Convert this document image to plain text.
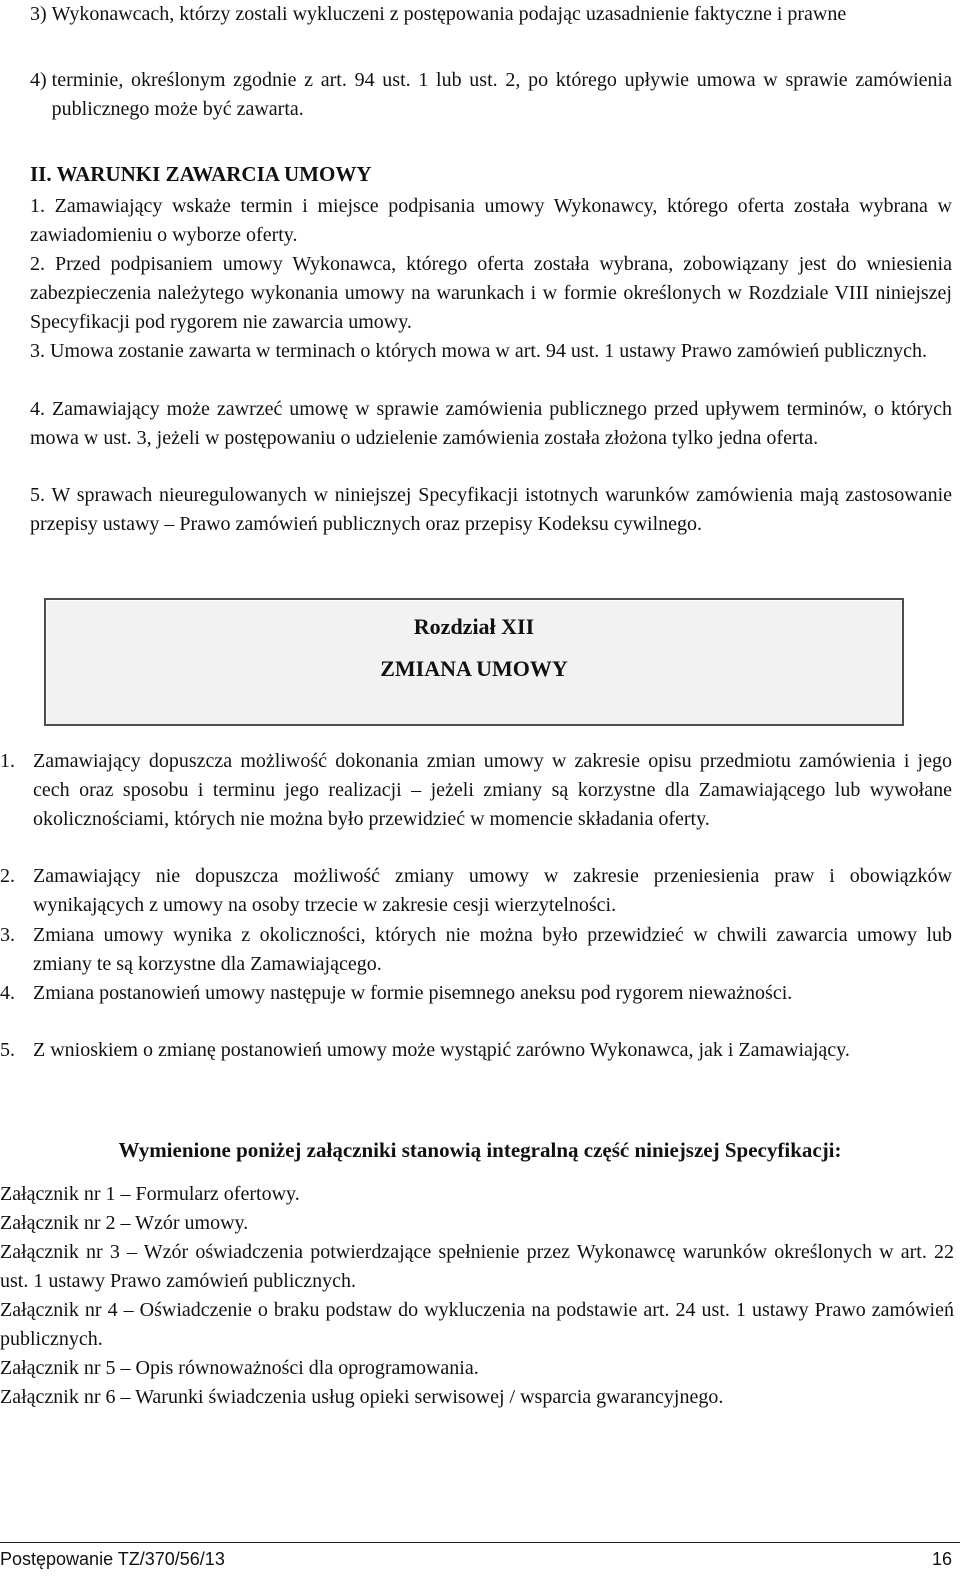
3)
Wykonawcach, którzy zostali wykluczeni z postępowania podając uzasadnienie faktyczne i prawne
4)
terminie, określonym zgodnie z art. 94 ust. 1 lub ust. 2, po którego upływie umowa w sprawie zamówienia publicznego może być zawarta.
II. WARUNKI ZAWARCIA UMOWY
1. Zamawiający wskaże termin i miejsce podpisania umowy Wykonawcy, którego oferta została wybrana w zawiadomieniu o wyborze oferty.
2. Przed podpisaniem umowy Wykonawca, którego oferta została wybrana, zobowiązany jest do wniesienia zabezpieczenia należytego wykonania umowy na warunkach i w formie określonych w Rozdziale VIII niniejszej Specyfikacji pod rygorem nie zawarcia umowy.
3. Umowa zostanie zawarta w terminach o których mowa w art. 94 ust. 1 ustawy Prawo zamówień publicznych.
4. Zamawiający może zawrzeć umowę w sprawie zamówienia publicznego przed upływem terminów, o których mowa w ust. 3, jeżeli w postępowaniu o udzielenie zamówienia została złożona tylko jedna oferta.
5. W sprawach nieuregulowanych w niniejszej Specyfikacji istotnych warunków zamówienia mają zastosowanie przepisy ustawy – Prawo zamówień publicznych oraz przepisy Kodeksu cywilnego.
Rozdział XII
ZMIANA UMOWY
1. Zamawiający dopuszcza możliwość dokonania zmian umowy w zakresie opisu przedmiotu zamówienia i jego cech oraz sposobu i terminu jego realizacji – jeżeli zmiany są korzystne dla Zamawiającego lub wywołane okolicznościami, których nie można było przewidzieć w momencie składania oferty.
2. Zamawiający nie dopuszcza możliwość zmiany umowy w zakresie przeniesienia praw i obowiązków wynikających z umowy na osoby trzecie w zakresie cesji wierzytelności.
3. Zmiana umowy wynika z okoliczności, których nie można było przewidzieć w chwili zawarcia umowy lub zmiany te są korzystne dla Zamawiającego.
4. Zmiana postanowień umowy następuje w formie pisemnego aneksu pod rygorem nieważności.
5. Z wnioskiem o zmianę postanowień umowy może wystąpić zarówno Wykonawca, jak i Zamawiający.
Wymienione poniżej załączniki stanowią integralną część niniejszej Specyfikacji:
Załącznik nr 1 – Formularz ofertowy.
Załącznik nr 2 – Wzór umowy.
Załącznik nr 3 – Wzór oświadczenia potwierdzające spełnienie przez Wykonawcę warunków określonych w art. 22 ust. 1 ustawy Prawo zamówień publicznych.
Załącznik nr 4 – Oświadczenie o braku podstaw do wykluczenia na podstawie art. 24 ust. 1 ustawy Prawo zamówień publicznych.
Załącznik nr 5 – Opis równoważności dla oprogramowania.
Załącznik nr 6 – Warunki świadczenia usług opieki serwisowej / wsparcia gwarancyjnego.
Postępowanie TZ/370/56/13	16
